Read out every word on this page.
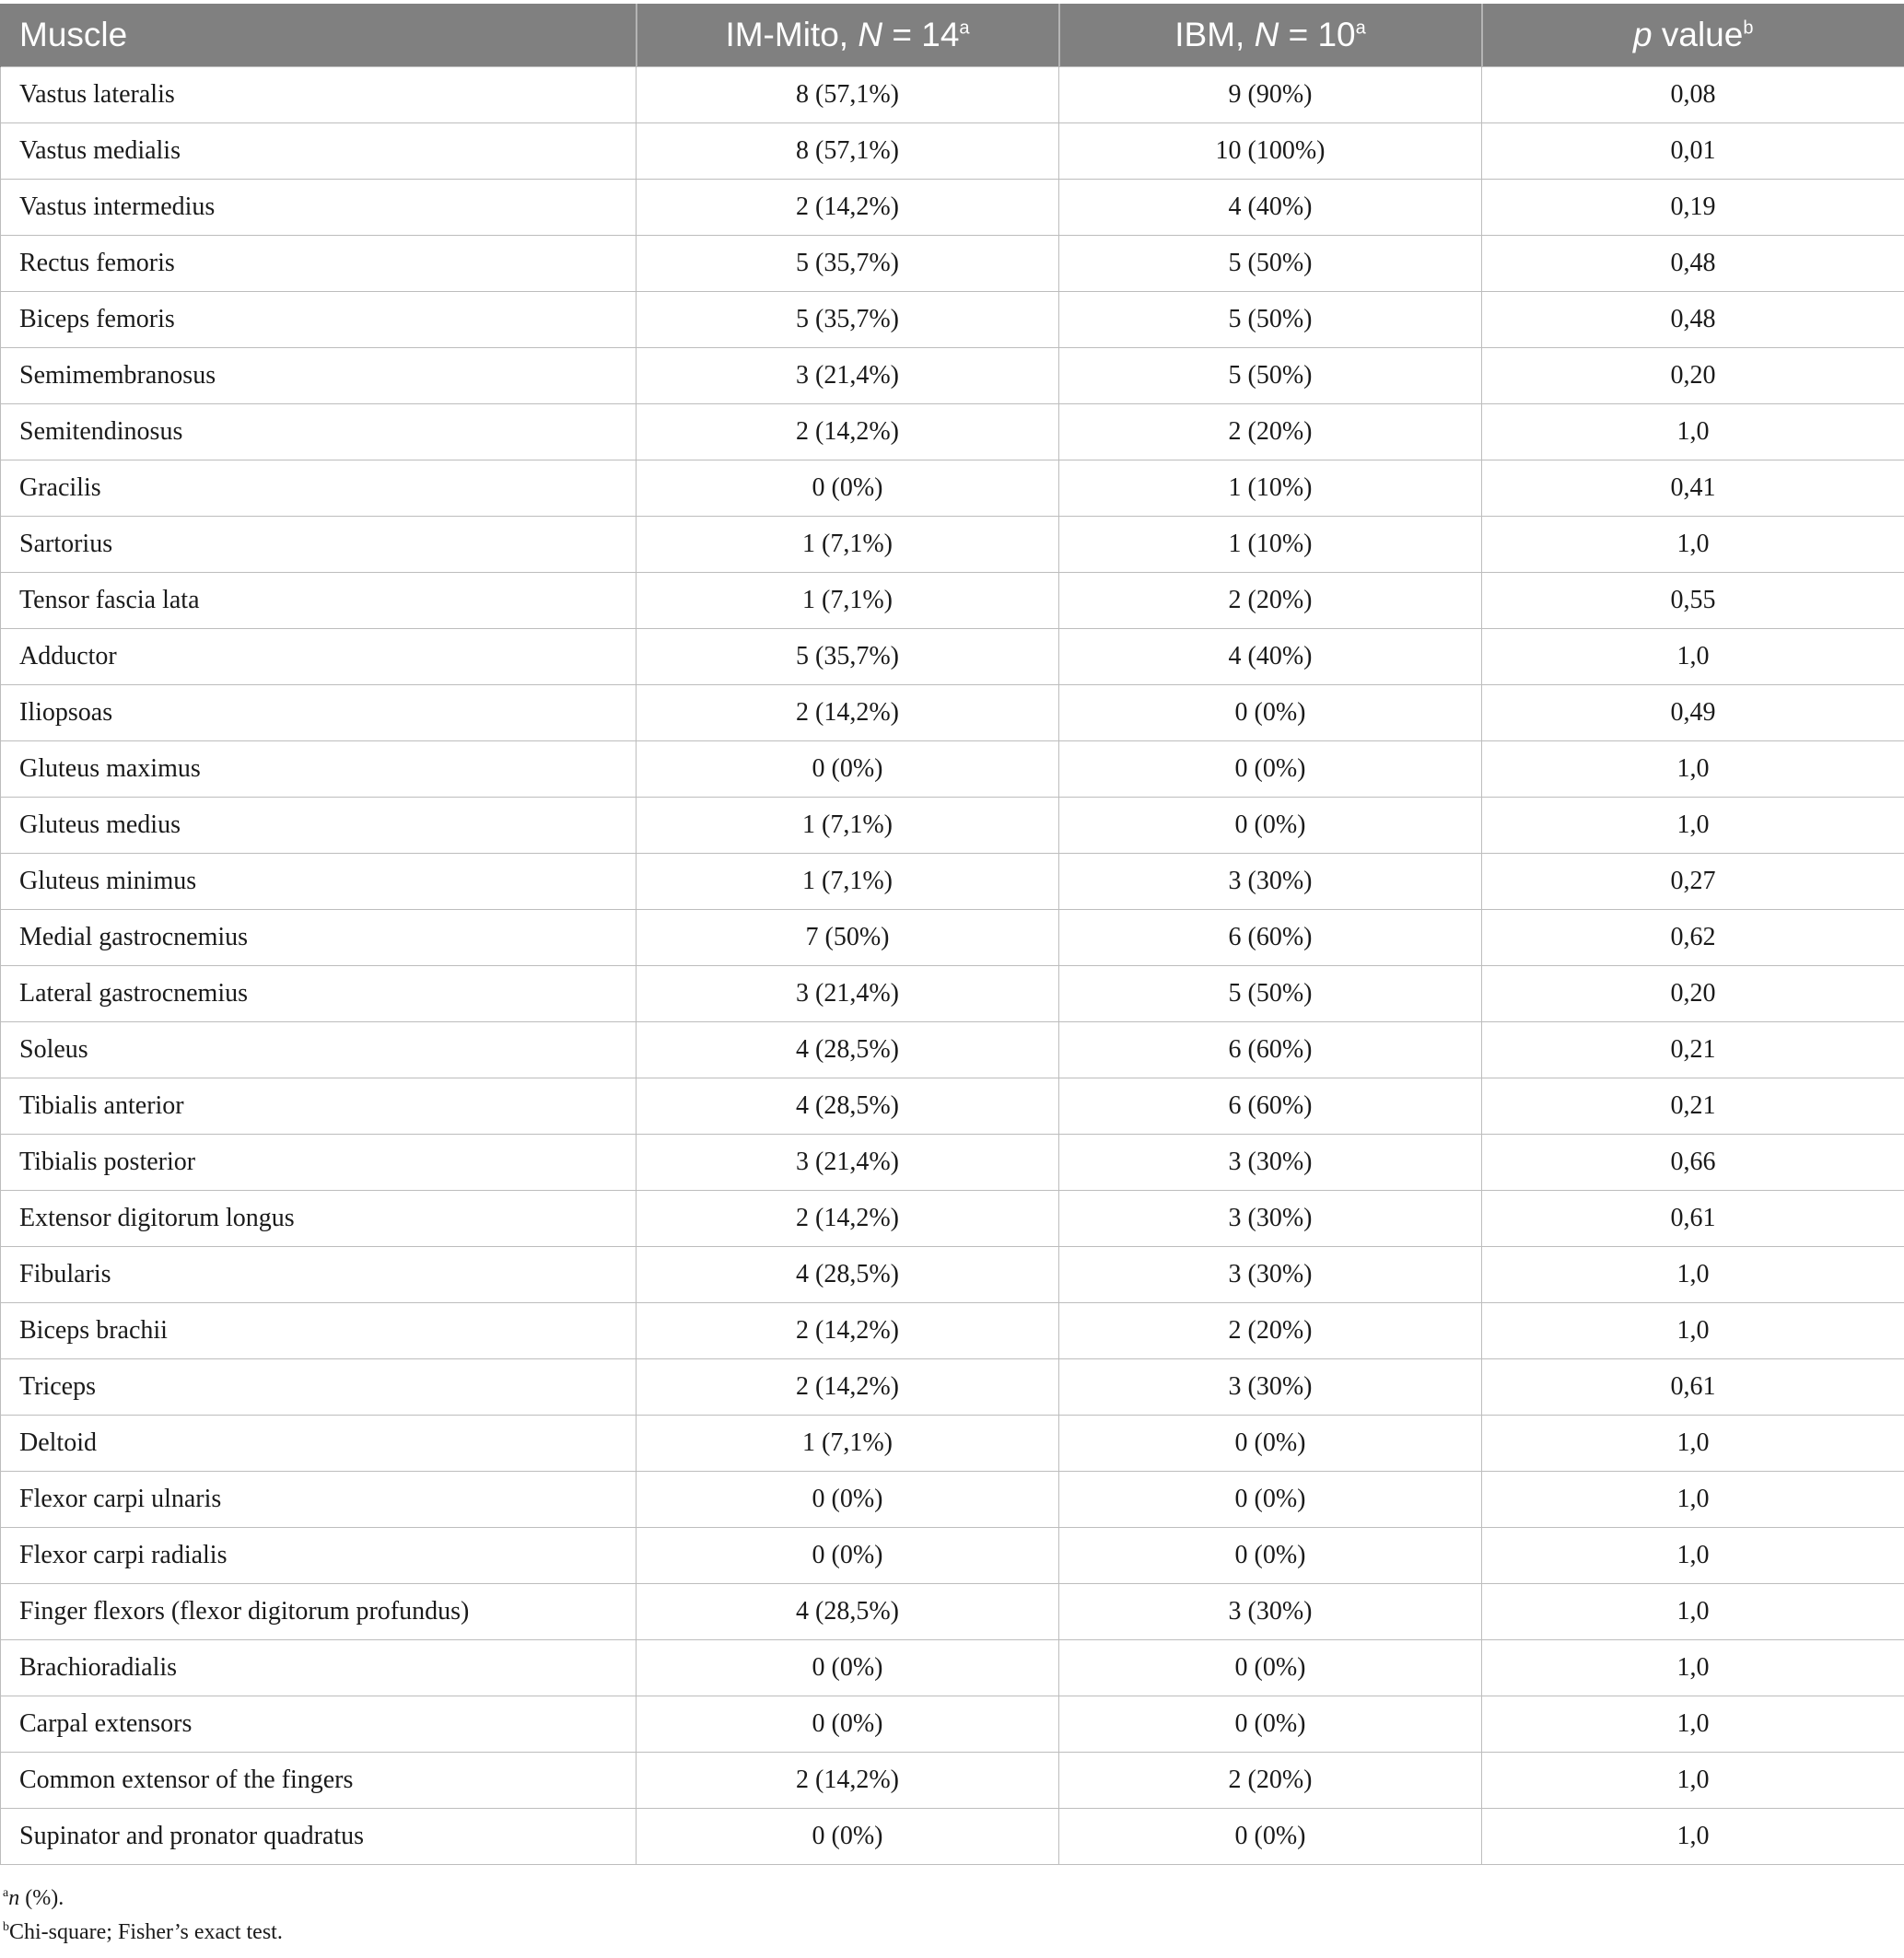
Muscle	IM-Mito, $N = 14^a$	IBM, $N = 10^a$	p value$^b$
Vastus lateralis	8 (57,1%)	9 (90%)	0,08
Vastus medialis	8 (57,1%)	10 (100%)	0,01
Vastus intermedius	2 (14,2%)	4 (40%)	0,19
Rectus femoris	5 (35,7%)	5 (50%)	0,48
Biceps femoris	5 (35,7%)	5 (50%)	0,48
Semimembranosus	3 (21,4%)	5 (50%)	0,20
Semitendinosus	2 (14,2%)	2 (20%)	1,0
Gracilis	0 (0%)	1 (10%)	0,41
Sartorius	1 (7,1%)	1 (10%)	1,0
Tensor fascia lata	1 (7,1%)	2 (20%)	0,55
Adductor	5 (35,7%)	4 (40%)	1,0
Iliopsoas	2 (14,2%)	0 (0%)	0,49
Gluteus maximus	0 (0%)	0 (0%)	1,0
Gluteus medius	1 (7,1%)	0 (0%)	1,0
Gluteus minimus	1 (7,1%)	3 (30%)	0,27
Medial gastrocnemius	7 (50%)	6 (60%)	0,62
Lateral gastrocnemius	3 (21,4%)	5 (50%)	0,20
Soleus	4 (28,5%)	6 (60%)	0,21
Tibialis anterior	4 (28,5%)	6 (60%)	0,21
Tibialis posterior	3 (21,4%)	3 (30%)	0,66
Extensor digitorum longus	2 (14,2%)	3 (30%)	0,61
Fibularis	4 (28,5%)	3 (30%)	1,0
Biceps brachii	2 (14,2%)	2 (20%)	1,0
Triceps	2 (14,2%)	3 (30%)	0,61
Deltoid	1 (7,1%)	0 (0%)	1,0
Flexor carpi ulnaris	0 (0%)	0 (0%)	1,0
Flexor carpi radialis	0 (0%)	0 (0%)	1,0
Finger flexors (flexor digitorum profundus)	4 (28,5%)	3 (30%)	1,0
Brachioradialis	0 (0%)	0 (0%)	1,0
Carpal extensors	0 (0%)	0 (0%)	1,0
Common extensor of the fingers	2 (14,2%)	2 (20%)	1,0
Supinator and pronator quadratus	0 (0%)	0 (0%)	1,0
$^a$n (%).
$^b$Chi-square; Fisher’s exact test.
